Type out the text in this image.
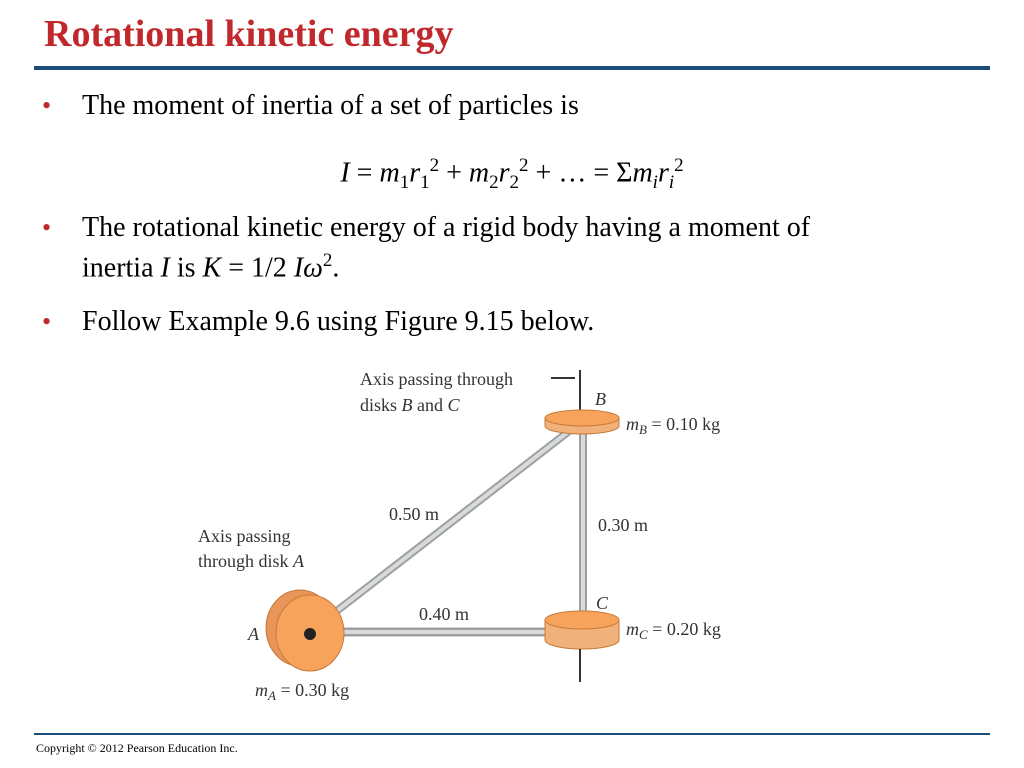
Rotational kinetic energy
• The moment of inertia of a set of particles is
$I = m_1r_1^2 + m_2r_2^2$ + … = $\Sigma m_ir_i^2$
• The rotational kinetic energy of a rigid body having a moment of
inertia I is K = 1/2 $I\omega^2$.
• Follow Example 9.6 using Figure 9.15 below.
Axis passing through
disks B and C	B
$m_B = 0.10$ kg
0.50 m
0.30 m
0.40 m
Axis passing
through disk A
A
C
$m_C = 0.20$ kg
$m_A = 0.30$ kg
Copyright © 2012 Pearson Education Inc.
